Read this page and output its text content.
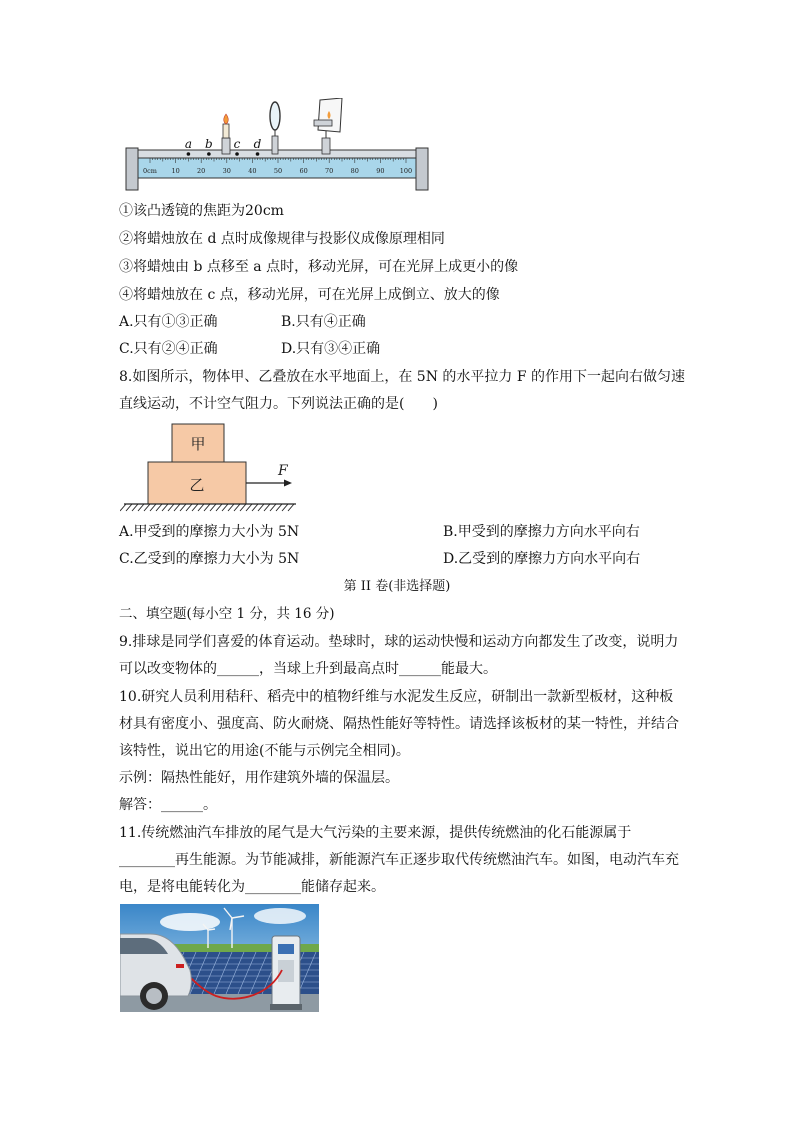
0cm 10	20	30	40	50	60	70	80	90 100
a b c d
①该凸透镜的焦距为20cm
②将蜡烛放在 d 点时成像规律与投影仪成像原理相同
③将蜡烛由 b 点移至 a 点时，移动光屏，可在光屏上成更小的像
④将蜡烛放在 c 点，移动光屏，可在光屏上成倒立、放大的像
A.只有①③正确	B.只有④正确
C.只有②④正确	D.只有③④正确
8.如图所示，物体甲、乙叠放在水平地面上，在 5N 的水平拉力 F 的作用下一起向右做匀速
直线运动，不计空气阻力。下列说法正确的是(　　)
甲
乙
F
A.甲受到的摩擦力大小为 5N	B.甲受到的摩擦力方向水平向右
C.乙受到的摩擦力大小为 5N	D.乙受到的摩擦力方向水平向右
第 II 卷(非选择题)
二、填空题(每小空 1 分，共 16 分)
9.排球是同学们喜爱的体育运动。垫球时，球的运动快慢和运动方向都发生了改变，说明力
可以改变物体的______，当球上升到最高点时______能最大。
10.研究人员利用秸秆、稻壳中的植物纤维与水泥发生反应，研制出一款新型板材，这种板
材具有密度小、强度高、防火耐烧、隔热性能好等特性。请选择该板材的某一特性，并结合
该特性，说出它的用途(不能与示例完全相同)。
示例：隔热性能好，用作建筑外墙的保温层。
解答：______。
11.传统燃油汽车排放的尾气是大气污染的主要来源，提供传统燃油的化石能源属于
________再生能源。为节能减排，新能源汽车正逐步取代传统燃油汽车。如图，电动汽车充
电，是将电能转化为________能储存起来。
